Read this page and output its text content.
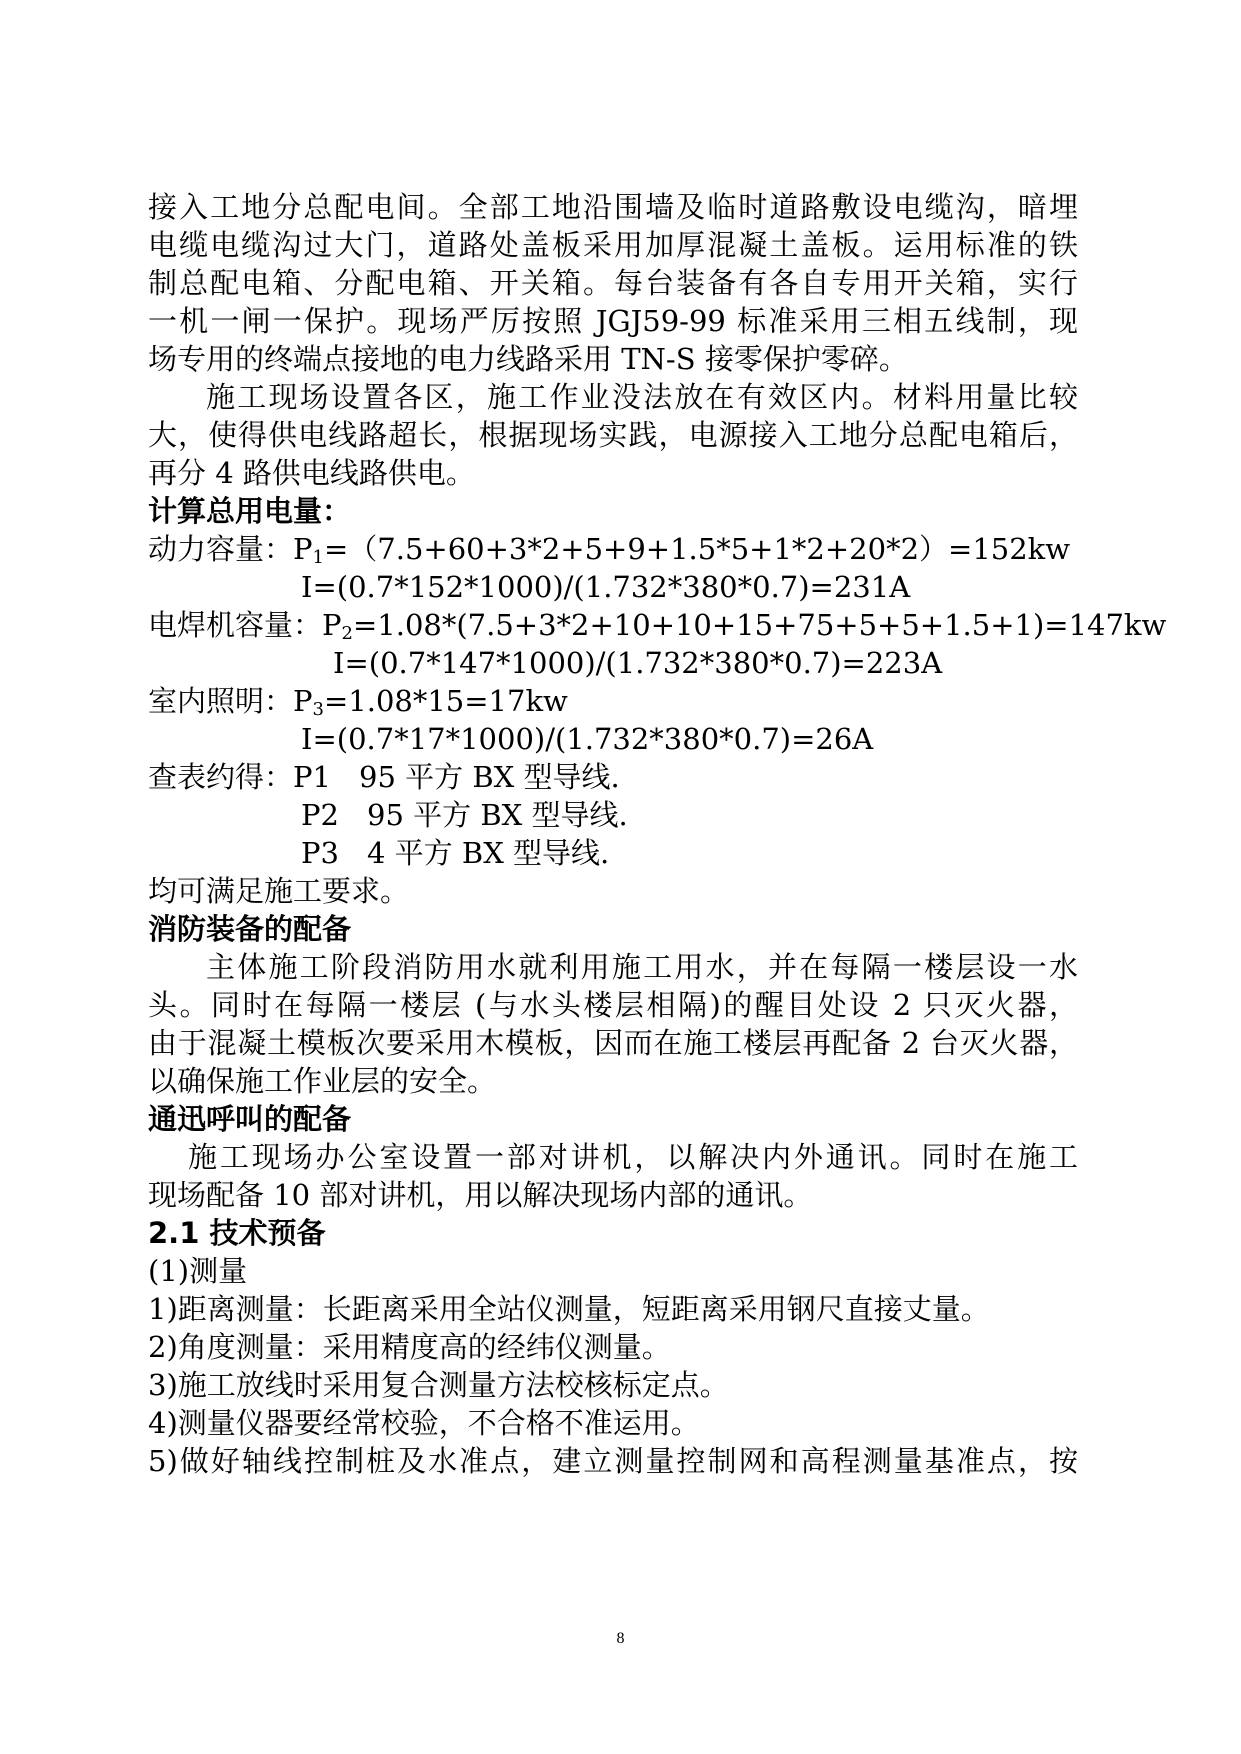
接入工地分总配电间。全部工地沿围墙及临时道路敷设电缆沟，暗埋
电缆电缆沟过大门，道路处盖板采用加厚混凝土盖板。运用标准的铁
制总配电箱、分配电箱、开关箱。每台装备有各自专用开关箱，实行
一机一闸一保护。现场严厉按照 JGJ59-99 标准采用三相五线制，现
场专用的终端点接地的电力线路采用 TN-S 接零保护零碎。
施工现场设置各区，施工作业没法放在有效区内。材料用量比较
大，使得供电线路超长，根据现场实践，电源接入工地分总配电箱后，
再分 4 路供电线路供电。
计算总用电量：
动力容量：$P_1=(7.5+60+3*2+5+9+1.5*5+1*2+20*2)=152kw$
I=(0.7*152*1000)/(1.732*380*0.7)=231A
电焊机容量：$P_2=1.08*(7.5+3*2+10+10+15+75+5+5+1.5+1)=147kw$
I=(0.7*147*1000)/(1.732*380*0.7)=223A
室内照明：$P_3=1.08*15=17kw$
I=(0.7*17*1000)/(1.732*380*0.7)=26A
查表约得：P1 95 平方 BX 型导线.
P2 95 平方 BX 型导线.
P3 4 平方 BX 型导线.
均可满足施工要求。
消防装备的配备
主体施工阶段消防用水就利用施工用水，并在每隔一楼层设一水
头。同时在每隔一楼层 (与水头楼层相隔)的醒目处设 2 只灭火器，
由于混凝土模板次要采用木模板，因而在施工楼层再配备 2 台灭火器，
以确保施工作业层的安全。
通迅呼叫的配备
施工现场办公室设置一部对讲机，以解决内外通讯。同时在施工
现场配备 10 部对讲机，用以解决现场内部的通讯。
2.1 技术预备
(1)测量
1)距离测量：长距离采用全站仪测量，短距离采用钢尺直接丈量。
2)角度测量：采用精度高的经纬仪测量。
3)施工放线时采用复合测量方法校核标定点。
4)测量仪器要经常校验，不合格不准运用。
5)做好轴线控制桩及水准点，建立测量控制网和高程测量基准点，按
8
